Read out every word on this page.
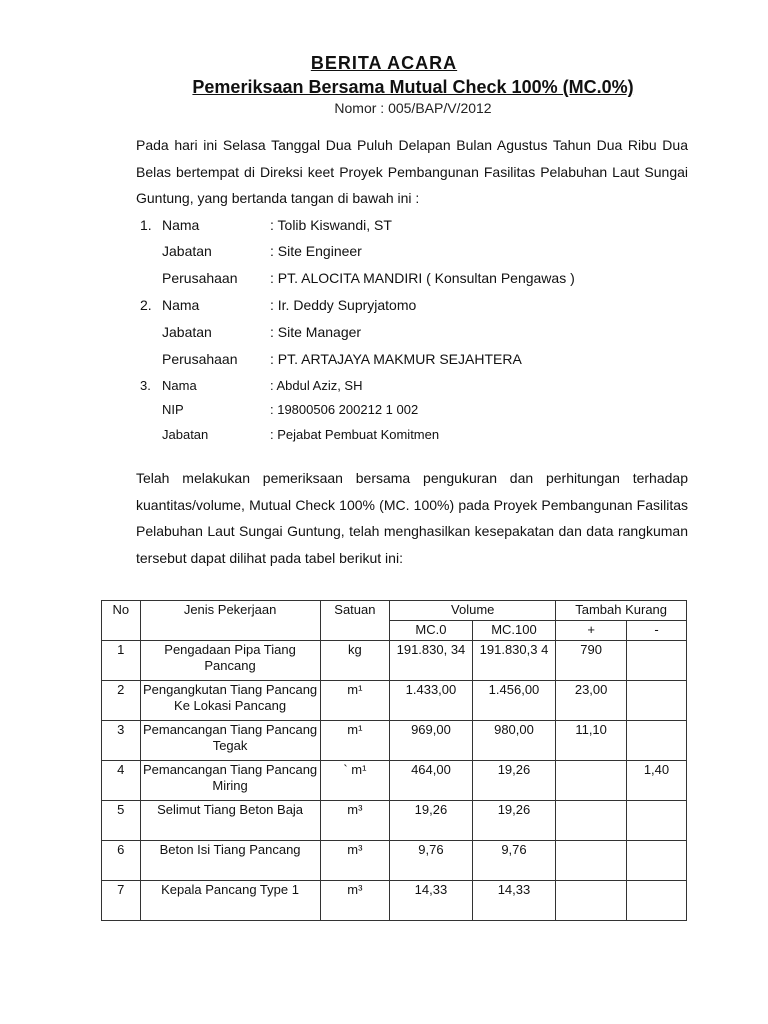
BERITA ACARA
Pemeriksaan Bersama Mutual Check 100% (MC.0%)
Nomor : 005/BAP/V/2012
Pada hari ini Selasa Tanggal Dua Puluh Delapan Bulan Agustus Tahun Dua Ribu Dua Belas bertempat di Direksi keet Proyek Pembangunan Fasilitas Pelabuhan Laut Sungai Guntung, yang bertanda tangan di bawah ini :
1. Nama	: Tolib Kiswandi, ST
Jabatan	: Site Engineer
Perusahaan : PT. ALOCITA MANDIRI ( Konsultan Pengawas )
2. Nama	: Ir. Deddy Supryjatomo
Jabatan	: Site Manager
Perusahaan : PT. ARTAJAYA MAKMUR SEJAHTERA
3. Nama	: Abdul Aziz, SH
NIP	: 19800506 200212 1 002
Jabatan	: Pejabat Pembuat Komitmen
Telah melakukan pemeriksaan bersama pengukuran dan perhitungan terhadap kuantitas/volume, Mutual Check 100% (MC. 100%) pada Proyek Pembangunan Fasilitas Pelabuhan Laut Sungai Guntung, telah menghasilkan kesepakatan dan data rangkuman tersebut dapat dilihat pada tabel berikut ini:
No	Jenis Pekerjaan	Satuan	Volume		Tambah Kurang	
			MC.0	MC.100	+	-
1	Pengadaan Pipa Tiang Pancang	kg	191.830, 34	191.830,3 4	790	
2	Pengangkutan Tiang Pancang Ke Lokasi Pancang	m¹	1.433,00	1.456,00	23,00	
3	Pemancangan Tiang Pancang Tegak	m¹	969,00	980,00	11,10	
4	Pemancangan Tiang Pancang Miring	` m¹	464,00	19,26		1,40
5	Selimut Tiang Beton Baja	m³	19,26	19,26		
6	Beton Isi Tiang Pancang	m³	9,76	9,76		
7	Kepala Pancang Type 1	m³	14,33	14,33		
